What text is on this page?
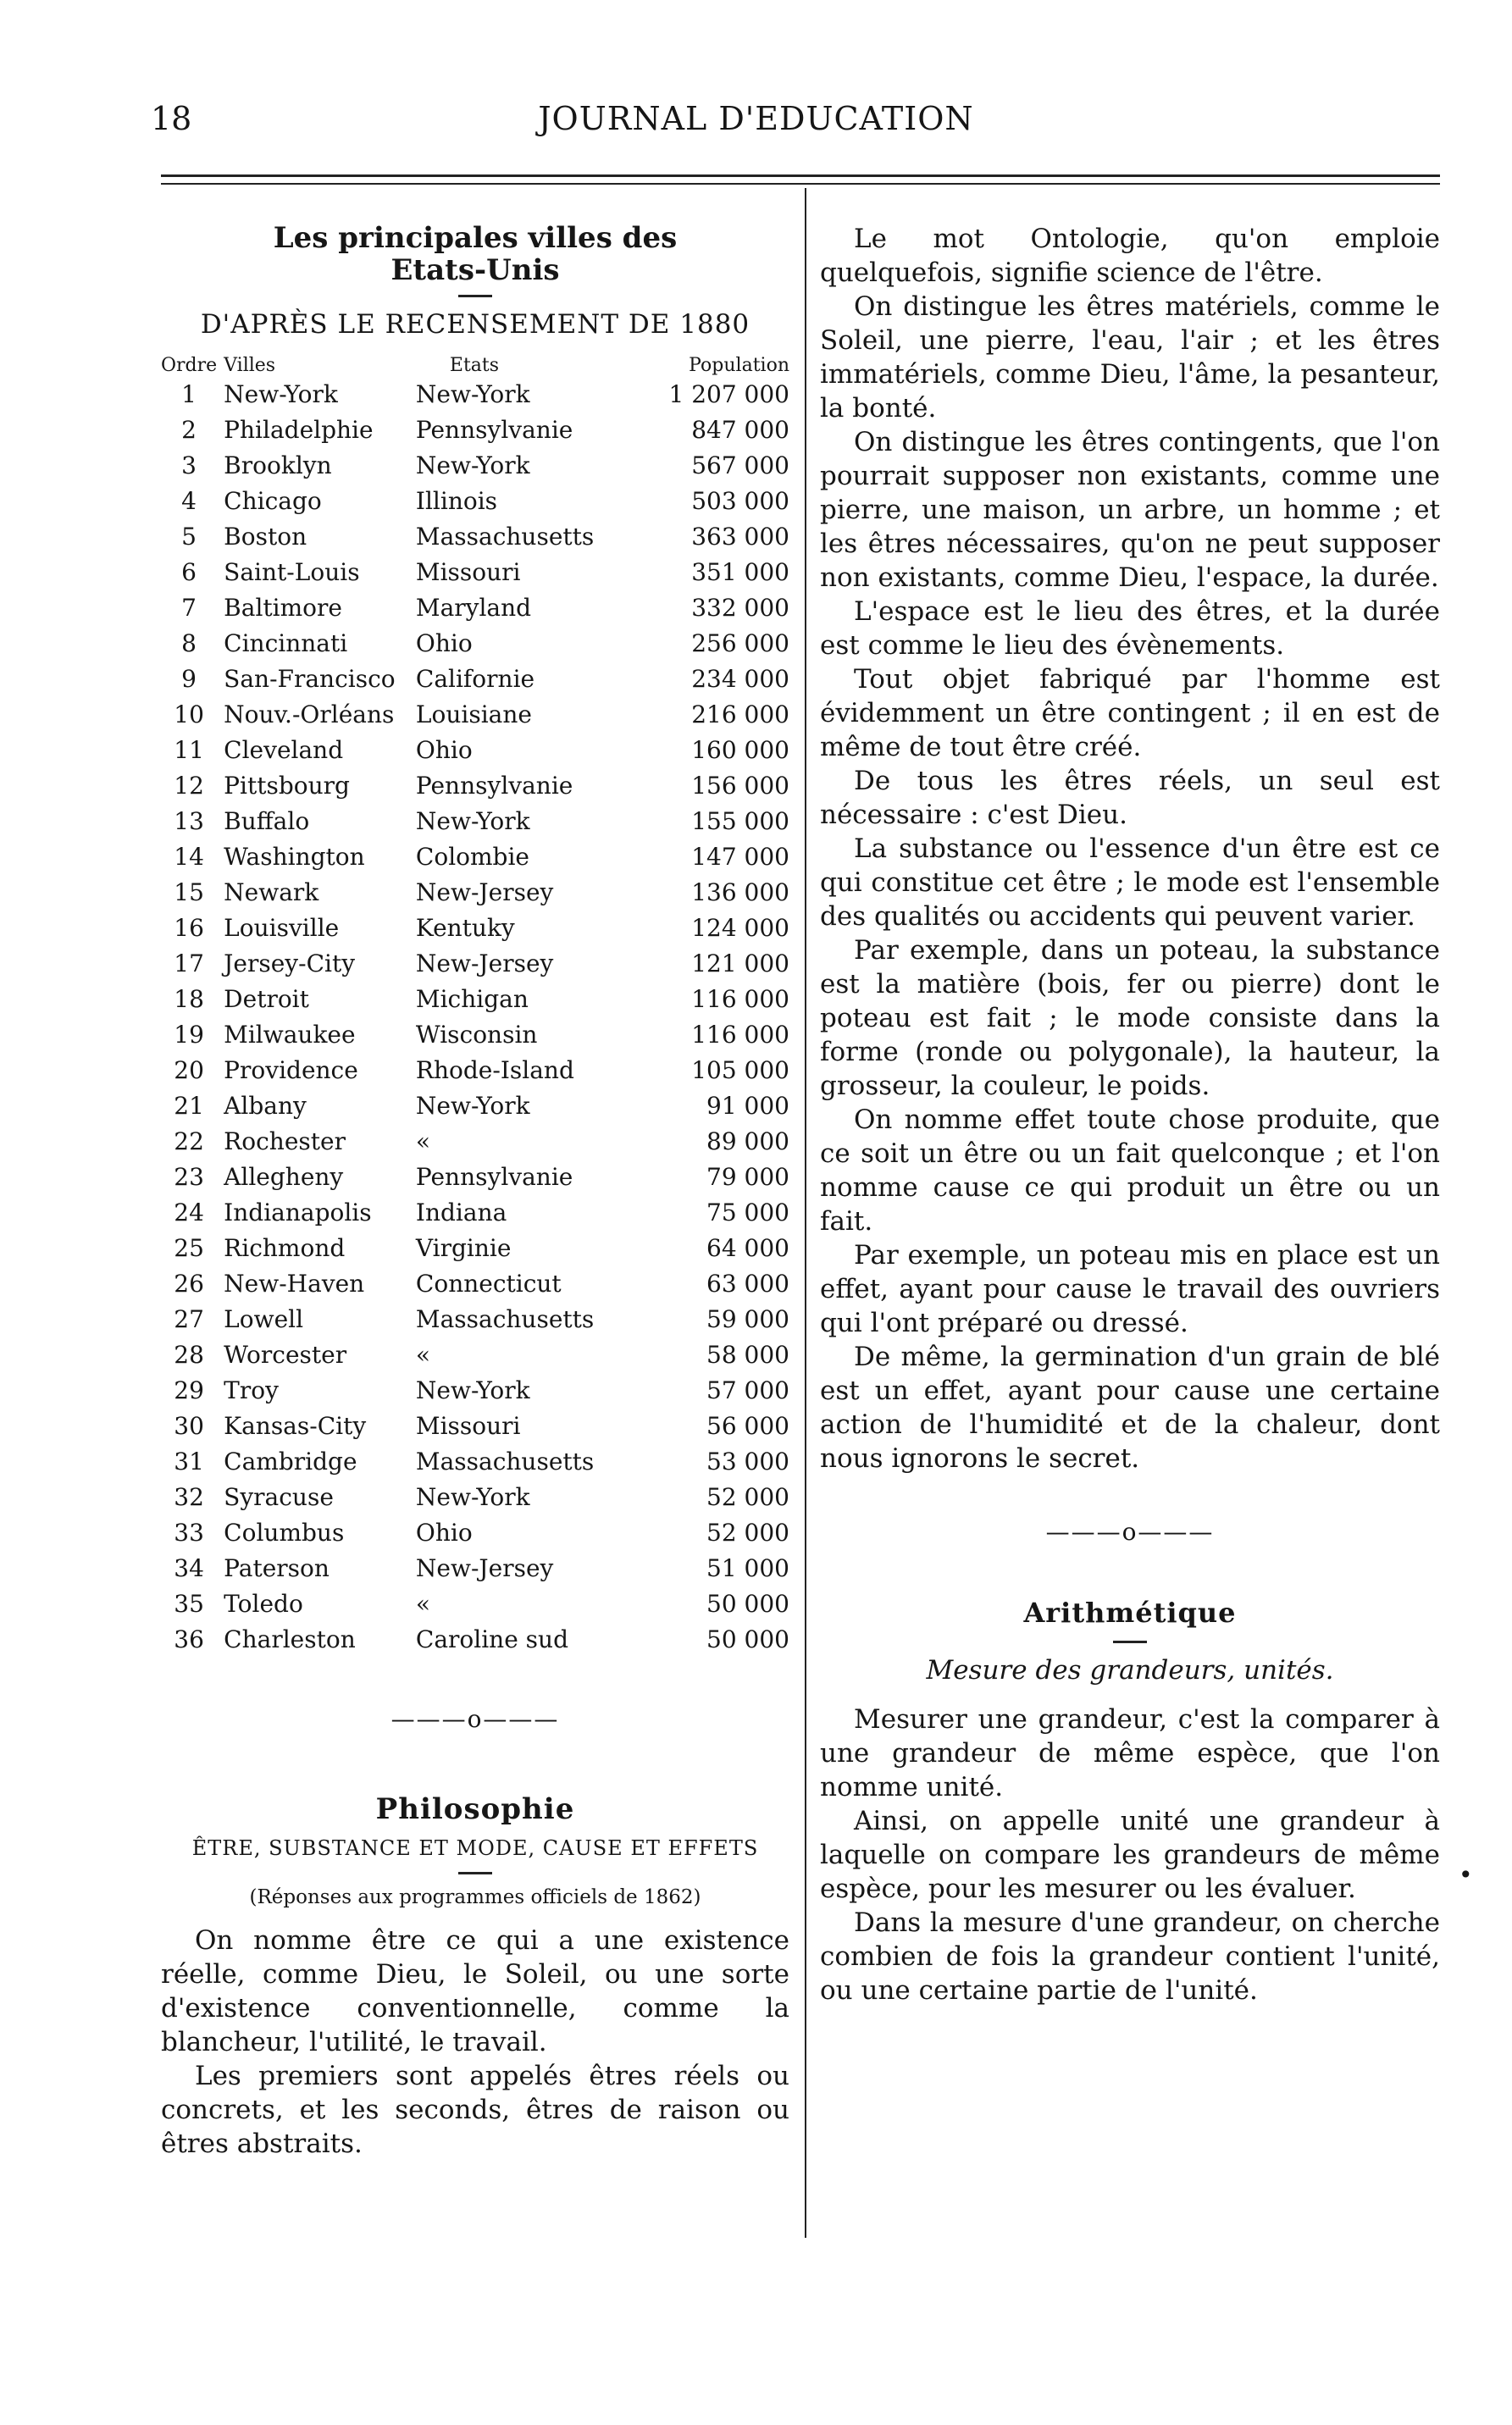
18	JOURNAL D'EDUCATION
Les principales villes des
Etats-Unis
D'APRÈS LE RECENSEMENT DE 1880
Ordre	Villes	Etats	Population
1	New-York	New-York	1 207 000
2	Philadelphie	Pennsylvanie	847 000
3	Brooklyn	New-York	567 000
4	Chicago	Illinois	503 000
5	Boston	Massachusetts	363 000
6	Saint-Louis	Missouri	351 000
7	Baltimore	Maryland	332 000
8	Cincinnati	Ohio	256 000
9	San-Francisco	Californie	234 000
10	Nouv.-Orléans	Louisiane	216 000
11	Cleveland	Ohio	160 000
12	Pittsbourg	Pennsylvanie	156 000
13	Buffalo	New-York	155 000
14	Washington	Colombie	147 000
15	Newark	New-Jersey	136 000
16	Louisville	Kentuky	124 000
17	Jersey-City	New-Jersey	121 000
18	Detroit	Michigan	116 000
19	Milwaukee	Wisconsin	116 000
20	Providence	Rhode-Island	105 000
21	Albany	New-York	91 000
22	Rochester	«	89 000
23	Allegheny	Pennsylvanie	79 000
24	Indianapolis	Indiana	75 000
25	Richmond	Virginie	64 000
26	New-Haven	Connecticut	63 000
27	Lowell	Massachusetts	59 000
28	Worcester	«	58 000
29	Troy	New-York	57 000
30	Kansas-City	Missouri	56 000
31	Cambridge	Massachusetts	53 000
32	Syracuse	New-York	52 000
33	Columbus	Ohio	52 000
34	Paterson	New-Jersey	51 000
35	Toledo	«	50 000
36	Charleston	Caroline sud	50 000
———o———
Philosophie
ÊTRE, SUBSTANCE ET MODE, CAUSE ET EFFETS
(Réponses aux programmes officiels de 1862)

On nomme être ce qui a une existence réelle, comme Dieu, le Soleil, ou une sorte d'existence conventionnelle, comme la blancheur, l'utilité, le travail.

Les premiers sont appelés êtres réels ou concrets, et les seconds, êtres de raison ou êtres abstraits.

Le mot Ontologie, qu'on emploie quelquefois, signifie science de l'être.

On distingue les êtres matériels, comme le Soleil, une pierre, l'eau, l'air ; et les êtres immatériels, comme Dieu, l'âme, la pesanteur, la bonté.

On distingue les êtres contingents, que l'on pourrait supposer non existants, comme une pierre, une maison, un arbre, un homme ; et les êtres nécessaires, qu'on ne peut supposer non existants, comme Dieu, l'espace, la durée.

L'espace est le lieu des êtres, et la durée est comme le lieu des évènements.

Tout objet fabriqué par l'homme est évidemment un être contingent ; il en est de même de tout être créé.

De tous les êtres réels, un seul est nécessaire : c'est Dieu.

La substance ou l'essence d'un être est ce qui constitue cet être ; le mode est l'ensemble des qualités ou accidents qui peuvent varier.

Par exemple, dans un poteau, la substance est la matière (bois, fer ou pierre) dont le poteau est fait ; le mode consiste dans la forme (ronde ou polygonale), la hauteur, la grosseur, la couleur, le poids.

On nomme effet toute chose produite, que ce soit un être ou un fait quelconque ; et l'on nomme cause ce qui produit un être ou un fait.

Par exemple, un poteau mis en place est un effet, ayant pour cause le travail des ouvriers qui l'ont préparé ou dressé.

De même, la germination d'un grain de blé est un effet, ayant pour cause une certaine action de l'humidité et de la chaleur, dont nous ignorons le secret.

———o———
Arithmétique
Mesure des grandeurs, unités.

Mesurer une grandeur, c'est la comparer à une grandeur de même espèce, que l'on nomme unité.

Ainsi, on appelle unité une grandeur à laquelle on compare les grandeurs de même espèce, pour les mesurer ou les évaluer.

Dans la mesure d'une grandeur, on cherche combien de fois la grandeur contient l'unité, ou une certaine partie de l'unité.

•
